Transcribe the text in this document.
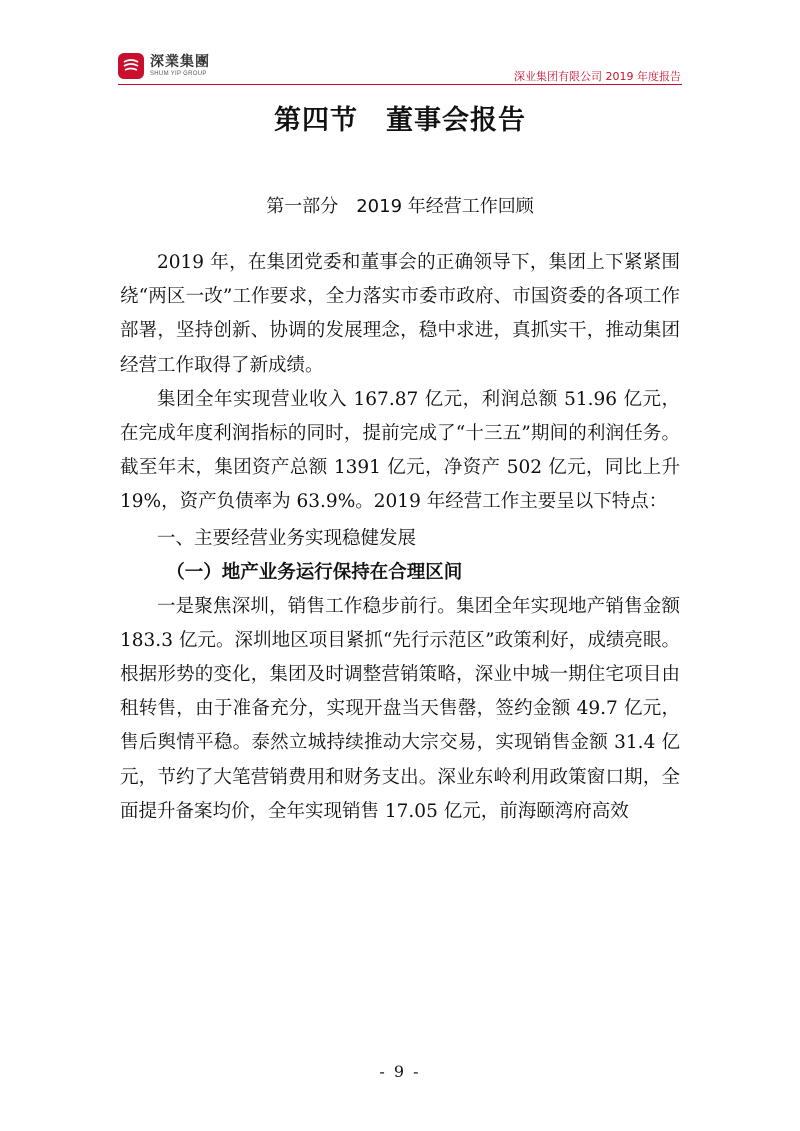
深業集團
SHUM YIP GROUP	深业集团有限公司 2019 年度报告
第四节　董事会报告
第一部分　2019 年经营工作回顾

2019 年，在集团党委和董事会的正确领导下，集团上下紧紧围绕“两区一改”工作要求，全力落实市委市政府、市国资委的各项工作部署，坚持创新、协调的发展理念，稳中求进，真抓实干，推动集团经营工作取得了新成绩。

集团全年实现营业收入 167.87 亿元，利润总额 51.96 亿元，在完成年度利润指标的同时，提前完成了“十三五”期间的利润任务。截至年末，集团资产总额 1391 亿元，净资产 502 亿元，同比上升 19%，资产负债率为 63.9%。2019 年经营工作主要呈以下特点：

一、主要经营业务实现稳健发展

（一）地产业务运行保持在合理区间

一是聚焦深圳，销售工作稳步前行。集团全年实现地产销售金额 183.3 亿元。深圳地区项目紧抓“先行示范区”政策利好，成绩亮眼。根据形势的变化，集团及时调整营销策略，深业中城一期住宅项目由租转售，由于准备充分，实现开盘当天售罄，签约金额 49.7 亿元，售后舆情平稳。泰然立城持续推动大宗交易，实现销售金额 31.4 亿元，节约了大笔营销费用和财务支出。深业东岭利用政策窗口期，全面提升备案均价，全年实现销售 17.05 亿元，前海颐湾府高效

- 9 -
